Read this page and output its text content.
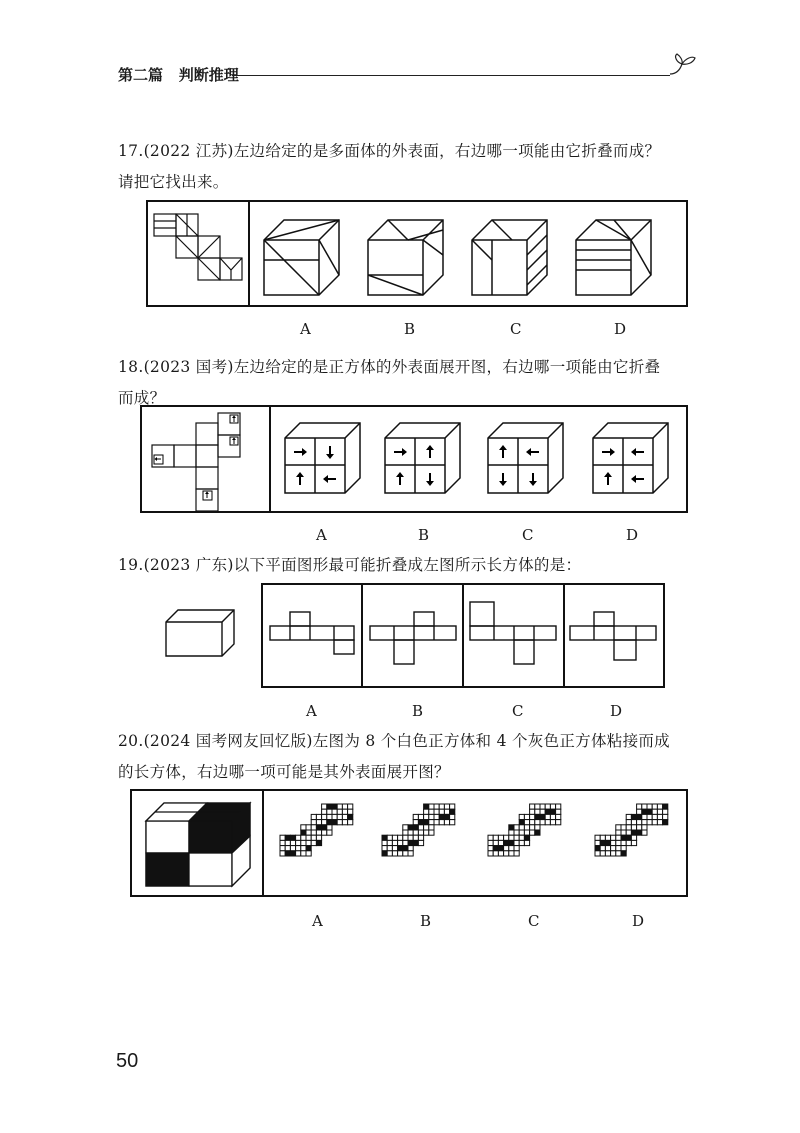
第二篇 判断推理
17.(2022 江苏)左边给定的是多面体的外表面，右边哪一项能由它折叠而成？
请把它找出来。
A	B	C	D
18.(2023 国考)左边给定的是正方体的外表面展开图，右边哪一项能由它折叠
而成？
A	B	C	D
19.(2023 广东)以下平面图形最可能折叠成左图所示长方体的是：
A	B	C	D
20.(2024 国考网友回忆版)左图为 8 个白色正方体和 4 个灰色正方体粘接而成
的长方体，右边哪一项可能是其外表面展开图？
A	B	C	D
50
